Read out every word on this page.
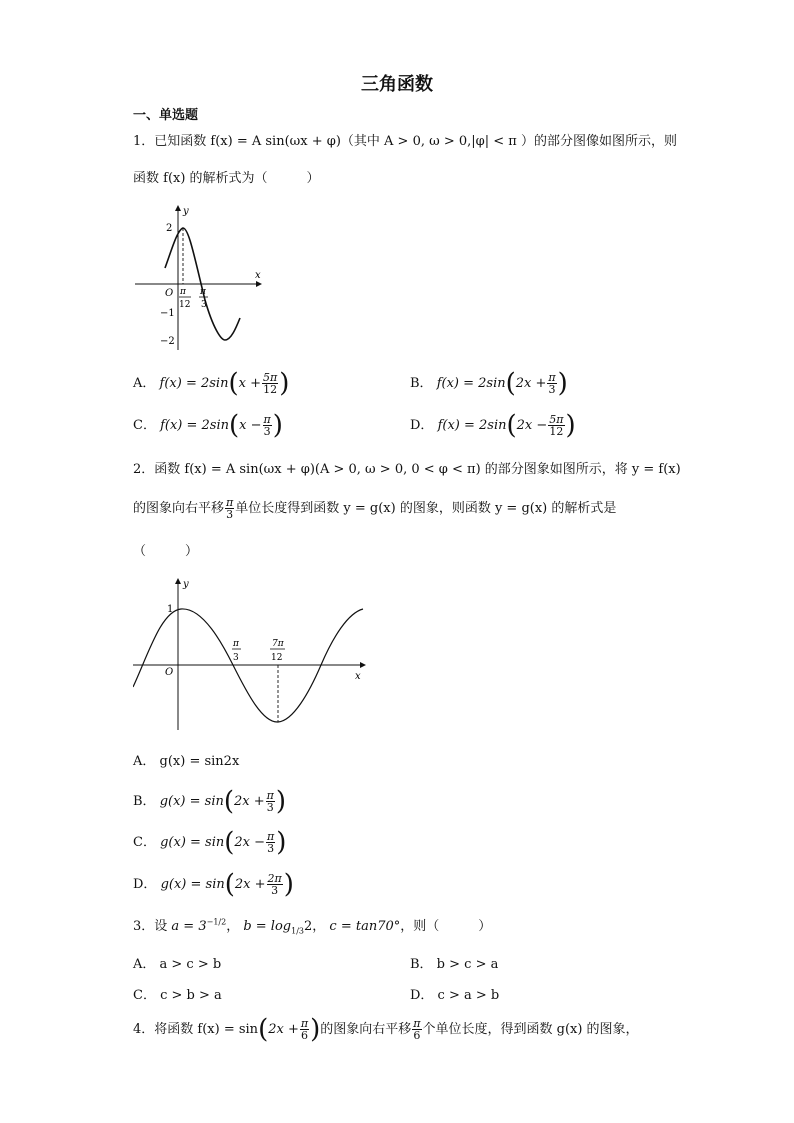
三角函数
一、单选题
1．已知函数 f(x) = A sin(ωx + φ)（其中 A > 0, ω > 0,|φ| < π ）的部分图像如图所示，则
函数 f(x) 的解析式为（　　　）
y
x
O
2
−1
−2
π
12
π
3
A． $f(x) = 2\sin(x + \frac{5\pi}{12}$ )	B． $f(x) = 2\sin(2x + \frac{\pi}{3}$ )
C． $f(x) = 2\sin(x - \frac{\pi}{3}$ )	D． $f(x) = 2\sin(2x - \frac{5\pi}{12}$ )
2．函数 f(x) = A sin(ωx + φ)(A > 0, ω > 0, 0 < φ < π) 的部分图象如图所示，将 y = f(x)
的图象向右平移 $\frac{\pi}{3}$ 单位长度得到函数 y = g(x) 的图象，则函数 y = g(x) 的解析式是
（　　　）
y
x
O
1
π
3
7π
12
A． g(x) = sin2x
B． $g(x) = \sin(2x + \frac{\pi}{3}$ )
C． $g(x) = \sin(2x - \frac{\pi}{3}$ )
D． $g(x) = \sin(2x + \frac{2\pi}{3}$ )
3．设 $a = 3^{-1/2}$， $b = \log_{1/3}2$， c = tan70°，则（　　　）
A． a > c > b	B． b > c > a
C． c > b > a	D． c > a > b
4．将函数 $f(x) = \sin(2x + \frac{\pi}{6}$ )的图象向右平移 $\frac{\pi}{6}$ 个单位长度，得到函数 g(x) 的图象，
